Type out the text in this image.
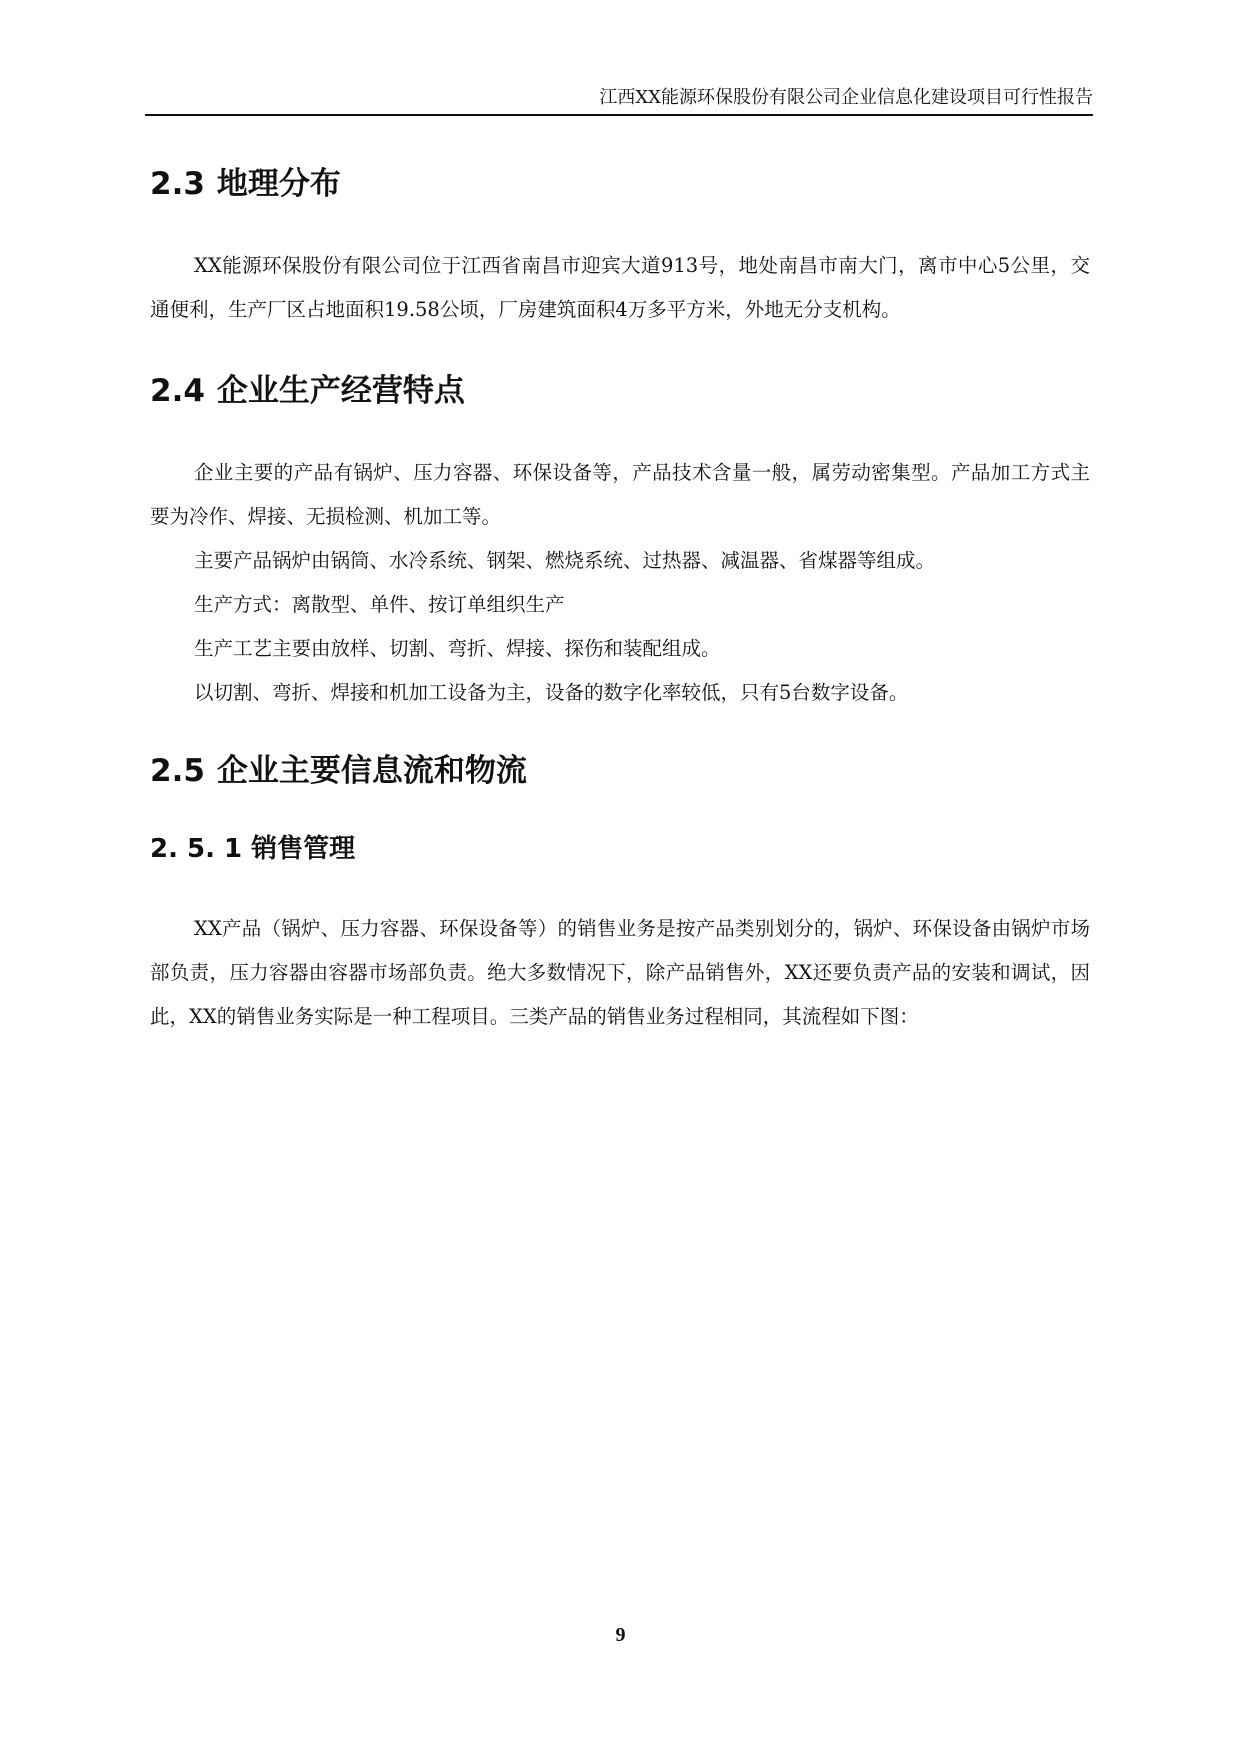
江西XX能源环保股份有限公司企业信息化建设项目可行性报告
2.3 地理分布

XX能源环保股份有限公司位于江西省南昌市迎宾大道913号，地处南昌市南大门，离市中心5公里，交通便利，生产厂区占地面积19.58公顷，厂房建筑面积4万多平方米，外地无分支机构。

2.4 企业生产经营特点

企业主要的产品有锅炉、压力容器、环保设备等，产品技术含量一般，属劳动密集型。产品加工方式主要为冷作、焊接、无损检测、机加工等。

主要产品锅炉由锅筒、水冷系统、钢架、燃烧系统、过热器、减温器、省煤器等组成。

生产方式：离散型、单件、按订单组织生产

生产工艺主要由放样、切割、弯折、焊接、探伤和装配组成。

以切割、弯折、焊接和机加工设备为主，设备的数字化率较低，只有5台数字设备。

2.5 企业主要信息流和物流
2. 5. 1 销售管理

XX产品（锅炉、压力容器、环保设备等）的销售业务是按产品类别划分的，锅炉、环保设备由锅炉市场部负责，压力容器由容器市场部负责。绝大多数情况下，除产品销售外，XX还要负责产品的安装和调试，因此，XX的销售业务实际是一种工程项目。三类产品的销售业务过程相同，其流程如下图：

9
